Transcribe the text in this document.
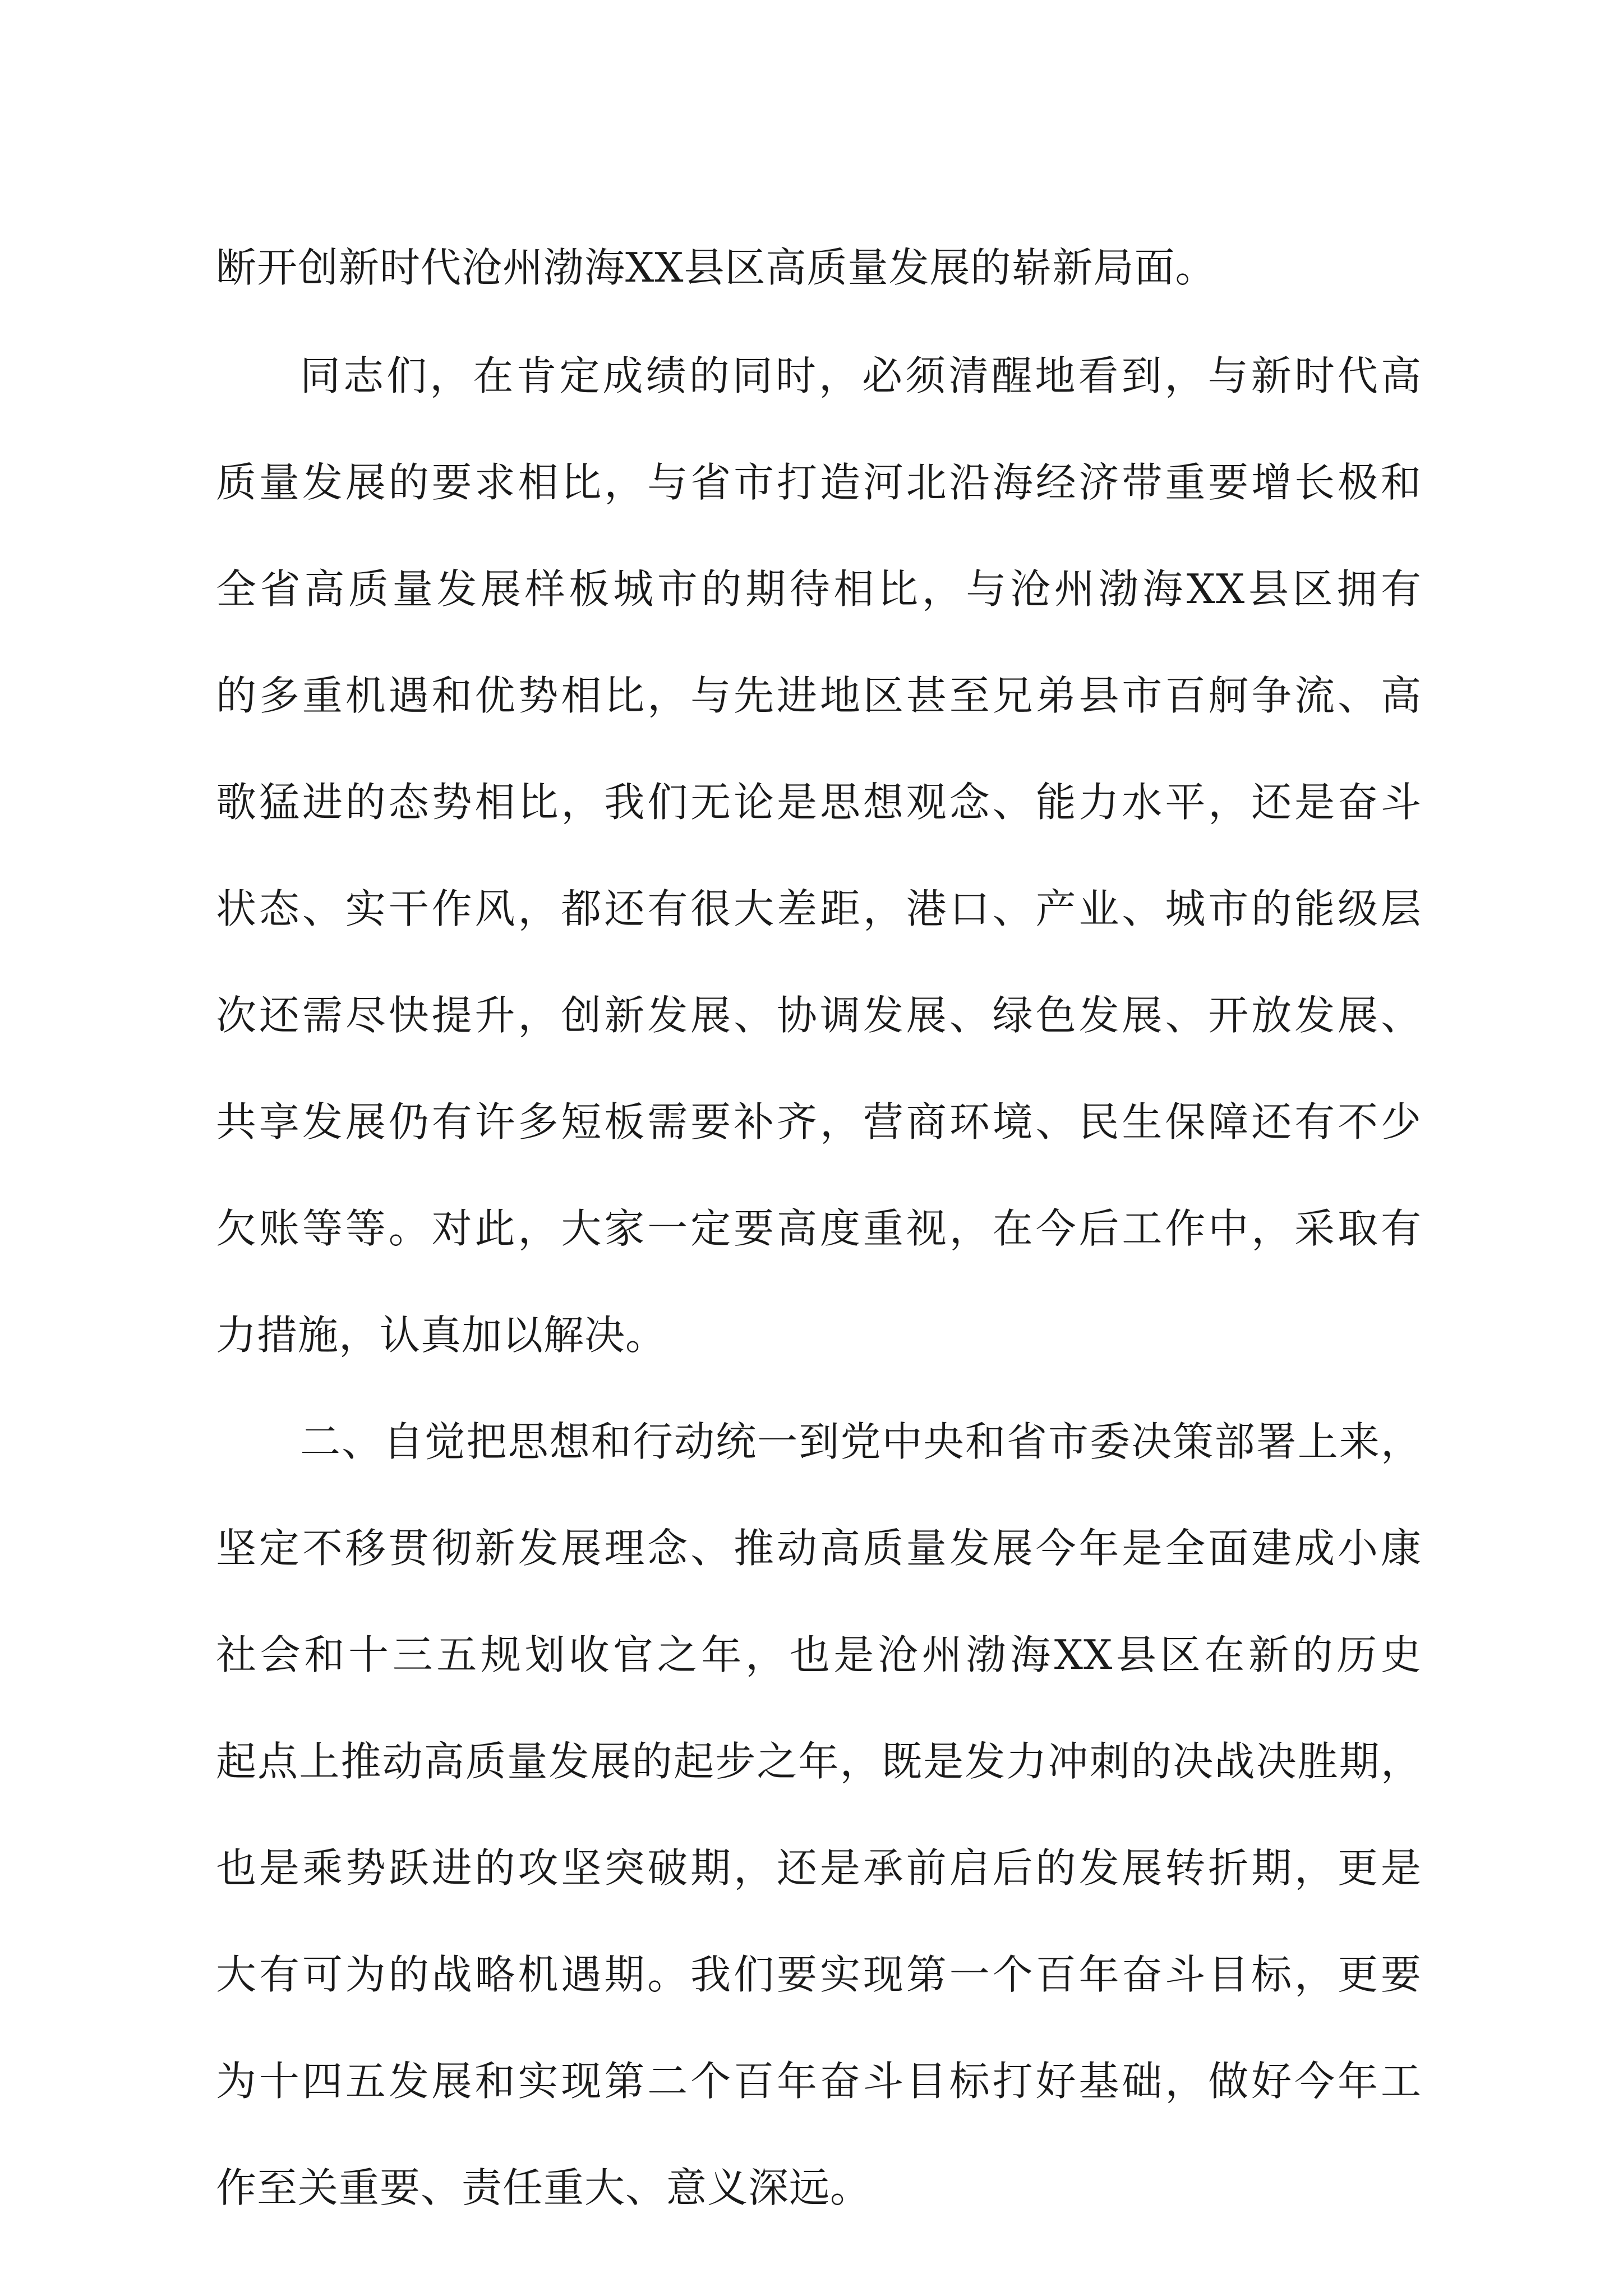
断开创新时代沧州渤海XX县区高质量发展的崭新局面。
同志们，在肯定成绩的同时，必须清醒地看到，与新时代高
质量发展的要求相比，与省市打造河北沿海经济带重要增长极和
全省高质量发展样板城市的期待相比，与沧州渤海XX县区拥有
的多重机遇和优势相比，与先进地区甚至兄弟县市百舸争流、高
歌猛进的态势相比，我们无论是思想观念、能力水平，还是奋斗
状态、实干作风，都还有很大差距，港口、产业、城市的能级层
次还需尽快提升，创新发展、协调发展、绿色发展、开放发展、
共享发展仍有许多短板需要补齐，营商环境、民生保障还有不少
欠账等等。对此，大家一定要高度重视，在今后工作中，采取有
力措施，认真加以解决。
二、自觉把思想和行动统一到党中央和省市委决策部署上来，
坚定不移贯彻新发展理念、推动高质量发展今年是全面建成小康
社会和十三五规划收官之年，也是沧州渤海XX县区在新的历史
起点上推动高质量发展的起步之年，既是发力冲刺的决战决胜期，
也是乘势跃进的攻坚突破期，还是承前启后的发展转折期，更是
大有可为的战略机遇期。我们要实现第一个百年奋斗目标，更要
为十四五发展和实现第二个百年奋斗目标打好基础，做好今年工
作至关重要、责任重大、意义深远。
